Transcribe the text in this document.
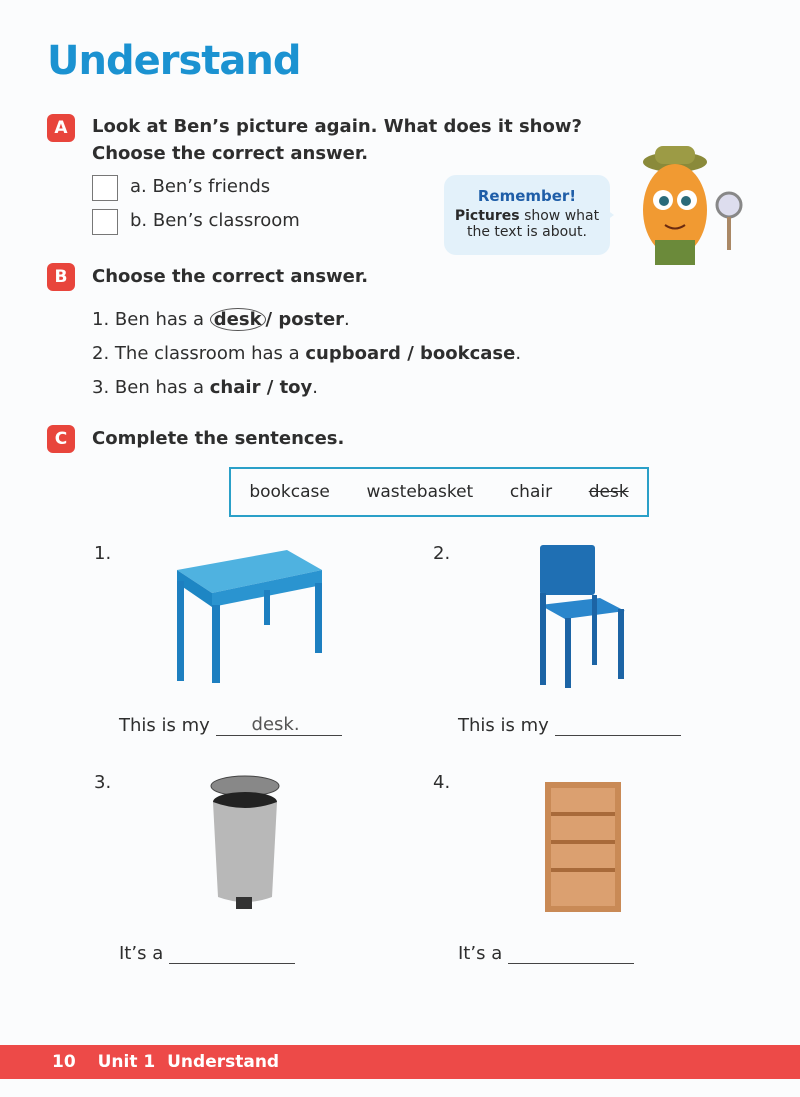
Understand
A	Look at Ben’s picture again. What does it show?
Choose the correct answer.
a. Ben’s friends
b. Ben’s classroom
Remember!
Pictures show what
the text is about.
B	Choose the correct answer.
1. Ben has a desk / poster.
2. The classroom has a cupboard / bookcase.
3. Ben has a chair / toy.
C	Complete the sentences.
bookcase wastebasket chair desk
1.
This is my desk.
2.
This is my
3.
It’s a
4.
It’s a
10 Unit 1 Understand
